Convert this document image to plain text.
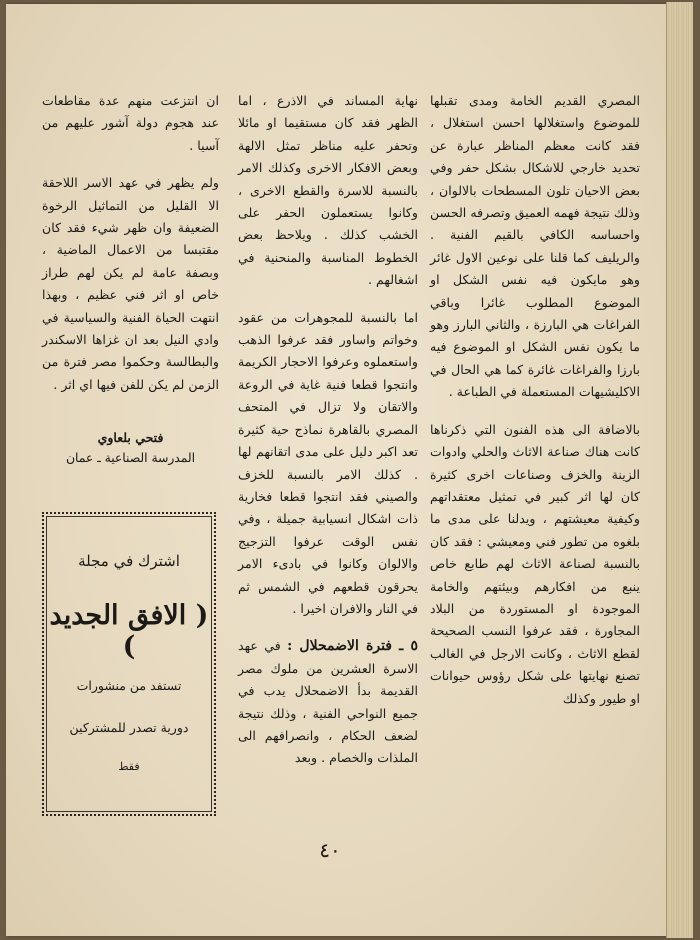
المصري القديم الخامة ومدى تقبلها للموضوع واستغلالها احسن استغلال ، فقد كانت معظم المناظر عبارة عن تحديد خارجي للاشكال بشكل حفر وفي بعض الاحيان تلون المسطحات بالالوان ، وذلك نتيجة فهمه العميق وتصرفه الحسن واحساسه الكافي بالقيم الفنية . والريليف كما قلنا على نوعين الاول غائر وهو مايكون فيه نفس الشكل او الموضوع المطلوب غائرا وباقي الفراغات هي البارزة ، والثاني البارز وهو ما يكون نفس الشكل او الموضوع فيه بارزا والفراغات غائرة كما هي الحال في الاكليشيهات المستعملة في الطباعة .

بالاضافة الى هذه الفنون التي ذكرناها كانت هناك صناعة الاثاث والحلي وادوات الزينة والخزف وصناعات اخرى كثيرة كان لها اثر كبير في تمثيل معتقداتهم وكيفية معيشتهم ، ويدلنا على مدى ما بلغوه من تطور فني ومعيشي : فقد كان بالنسبة لصناعة الاثاث لهم طابع خاص ينبع من افكارهم وبيئتهم والخامة الموجودة او المستوردة من البلاد المجاورة ، فقد عرفوا النسب الصحيحة لقطع الاثاث ، وكانت الارجل في الغالب تصنع نهايتها على شكل رؤوس حيوانات او طيور وكذلك

نهاية المساند في الاذرع ، اما الظهر فقد كان مستقيما او مائلا وتحفر عليه مناظر تمثل الالهة وبعض الافكار الاخرى وكذلك الامر بالنسبة للاسرة والقطع الاخرى ، وكانوا يستعملون الحفر على الخشب كذلك . ويلاحظ بعض الخطوط المناسبة والمنحنية في اشغالهم .

اما بالنسبة للمجوهرات من عقود وخواتم واساور فقد عرفوا الذهب واستعملوه وعرفوا الاحجار الكريمة وانتجوا قطعا فنية غاية في الروعة والاتقان ولا تزال في المتحف المصري بالقاهرة نماذج حية كثيرة تعد اكبر دليل على مدى اتقانهم لها . كذلك الامر بالنسبة للخزف والصيني فقد انتجوا قطعا فخارية ذات اشكال انسيابية جميلة ، وفي نفس الوقت عرفوا التزجيج والالوان وكانوا في بادىء الامر يحرقون قطعهم في الشمس ثم في النار والافران اخيرا .

٥ ـ فترة الاضمحلال : في عهد الاسرة العشرين من ملوك مصر القديمة بدأ الاضمحلال يدب في جميع النواحي الفنية ، وذلك نتيجة لضعف الحكام ، وانصرافهم الى الملذات والخصام . وبعد

ان انتزعت منهم عدة مقاطعات عند هجوم دولة آشور عليهم من آسيا .

ولم يظهر في عهد الاسر اللاحقة الا القليل من التماثيل الرخوة الضعيفة وان ظهر شيء فقد كان مقتبسا من الاعمال الماضية ، وبصفة عامة لم يكن لهم طراز خاص او اثر فني عظيم ، وبهذا انتهت الحياة الفنية والسياسية في وادي النيل بعد ان غزاها الاسكندر والبطالسة وحكموا مصر فترة من الزمن لم يكن للفن فيها اي اثر .

فتحي بلعاوي
المدرسة الصناعية ـ عمان
اشترك في مجلة
( الافق الجديد )
تستفد من منشورات
دورية تصدر للمشتركين
فقط
٤٠
